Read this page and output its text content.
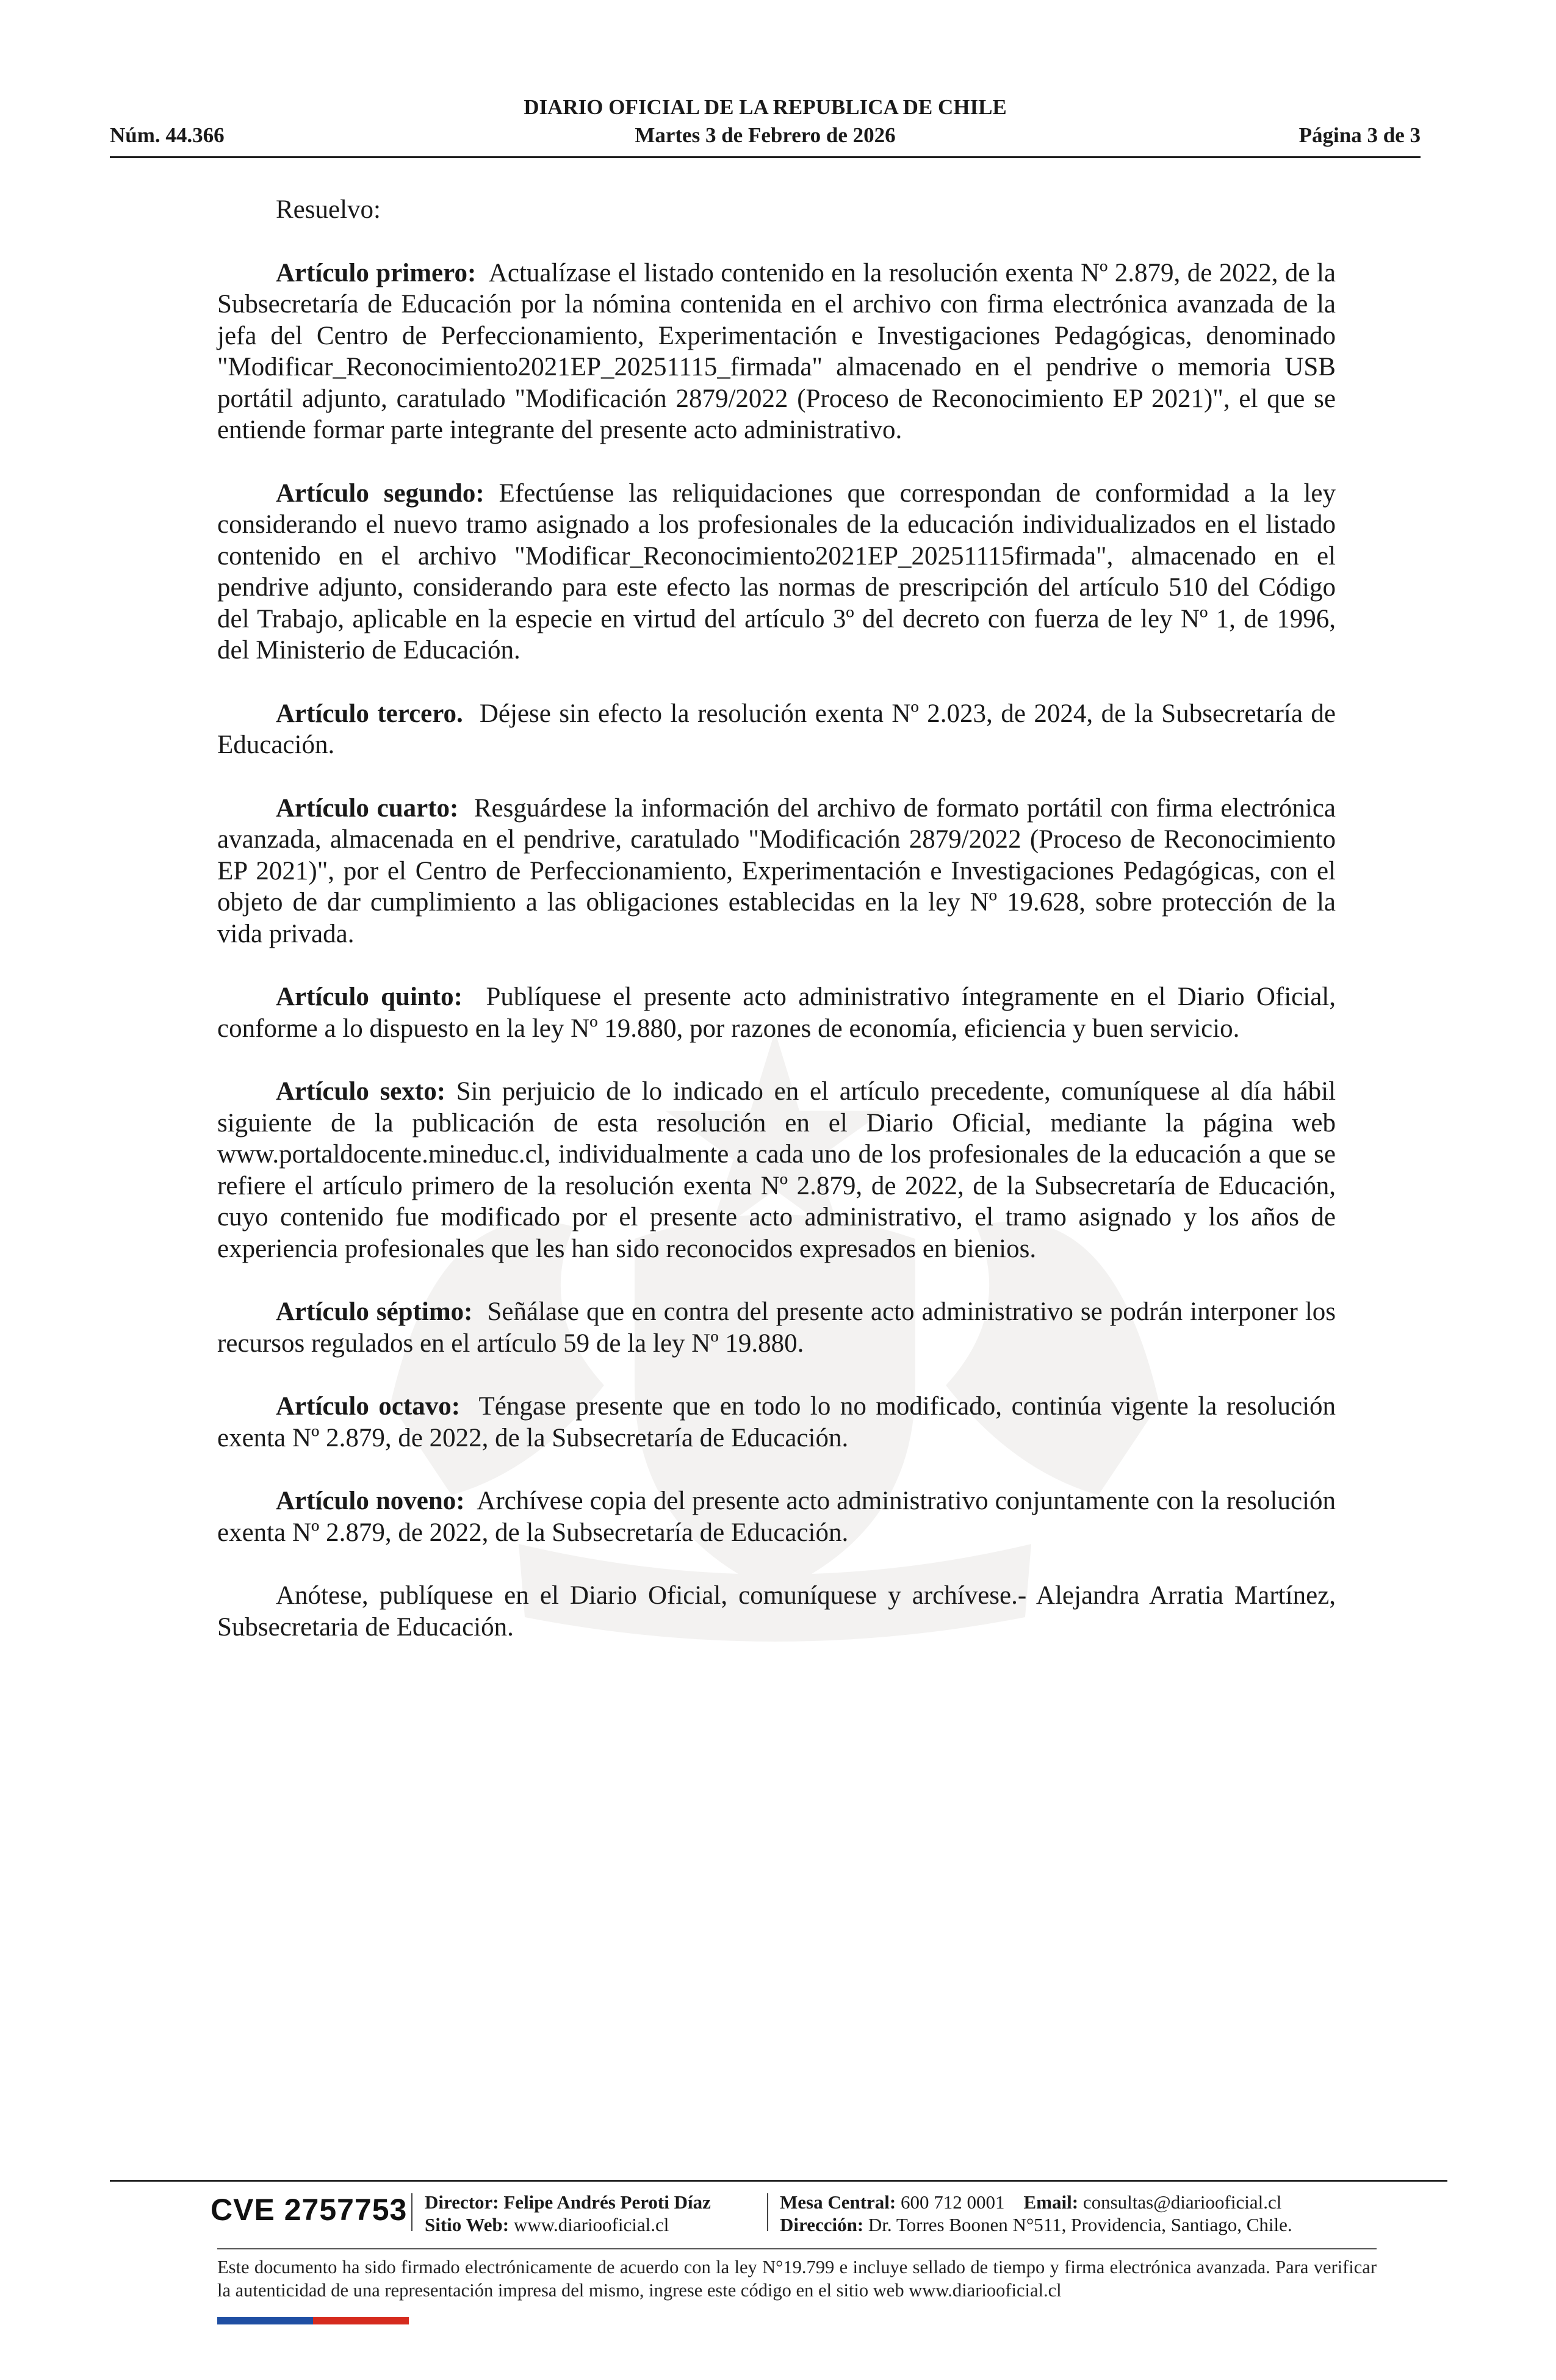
DIARIO OFICIAL DE LA REPUBLICA DE CHILE
Núm. 44.366	Martes 3 de Febrero de 2026	Página 3 de 3

Resuelvo:

Artículo primero: Actualízase el listado contenido en la resolución exenta Nº 2.879, de 2022, de la Subsecretaría de Educación por la nómina contenida en el archivo con firma electrónica avanzada de la jefa del Centro de Perfeccionamiento, Experimentación e Investigaciones Pedagógicas, denominado "Modificar_Reconocimiento2021EP_20251115_firmada" almacenado en el pendrive o memoria USB portátil adjunto, caratulado "Modificación 2879/2022 (Proceso de Reconocimiento EP 2021)", el que se entiende formar parte integrante del presente acto administrativo.

Artículo segundo: Efectúense las reliquidaciones que correspondan de conformidad a la ley considerando el nuevo tramo asignado a los profesionales de la educación individualizados en el listado contenido en el archivo "Modificar_Reconocimiento2021EP_20251115firmada", almacenado en el pendrive adjunto, considerando para este efecto las normas de prescripción del artículo 510 del Código del Trabajo, aplicable en la especie en virtud del artículo 3º del decreto con fuerza de ley Nº 1, de 1996, del Ministerio de Educación.

Artículo tercero. Déjese sin efecto la resolución exenta Nº 2.023, de 2024, de la Subsecretaría de Educación.

Artículo cuarto: Resguárdese la información del archivo de formato portátil con firma electrónica avanzada, almacenada en el pendrive, caratulado "Modificación 2879/2022 (Proceso de Reconocimiento EP 2021)", por el Centro de Perfeccionamiento, Experimentación e Investigaciones Pedagógicas, con el objeto de dar cumplimiento a las obligaciones establecidas en la ley Nº 19.628, sobre protección de la vida privada.

Artículo quinto: Publíquese el presente acto administrativo íntegramente en el Diario Oficial, conforme a lo dispuesto en la ley Nº 19.880, por razones de economía, eficiencia y buen servicio.

Artículo sexto: Sin perjuicio de lo indicado en el artículo precedente, comuníquese al día hábil siguiente de la publicación de esta resolución en el Diario Oficial, mediante la página web www.portaldocente.mineduc.cl, individualmente a cada uno de los profesionales de la educación a que se refiere el artículo primero de la resolución exenta Nº 2.879, de 2022, de la Subsecretaría de Educación, cuyo contenido fue modificado por el presente acto administrativo, el tramo asignado y los años de experiencia profesionales que les han sido reconocidos expresados en bienios.

Artículo séptimo: Señálase que en contra del presente acto administrativo se podrán interponer los recursos regulados en el artículo 59 de la ley Nº 19.880.

Artículo octavo: Téngase presente que en todo lo no modificado, continúa vigente la resolución exenta Nº 2.879, de 2022, de la Subsecretaría de Educación.

Artículo noveno: Archívese copia del presente acto administrativo conjuntamente con la resolución exenta Nº 2.879, de 2022, de la Subsecretaría de Educación.

Anótese, publíquese en el Diario Oficial, comuníquese y archívese.- Alejandra Arratia Martínez, Subsecretaria de Educación.

CVE 2757753 Director: Felipe Andrés Peroti Díaz
Sitio Web: www.diariooficial.cl
Mesa Central: 600 712 0001 Email: consultas@diariooficial.cl
Dirección: Dr. Torres Boonen N°511, Providencia, Santiago, Chile.
Este documento ha sido firmado electrónicamente de acuerdo con la ley N°19.799 e incluye sellado de tiempo y firma electrónica avanzada. Para verificar la autenticidad de una representación impresa del mismo, ingrese este código en el sitio web www.diariooficial.cl
